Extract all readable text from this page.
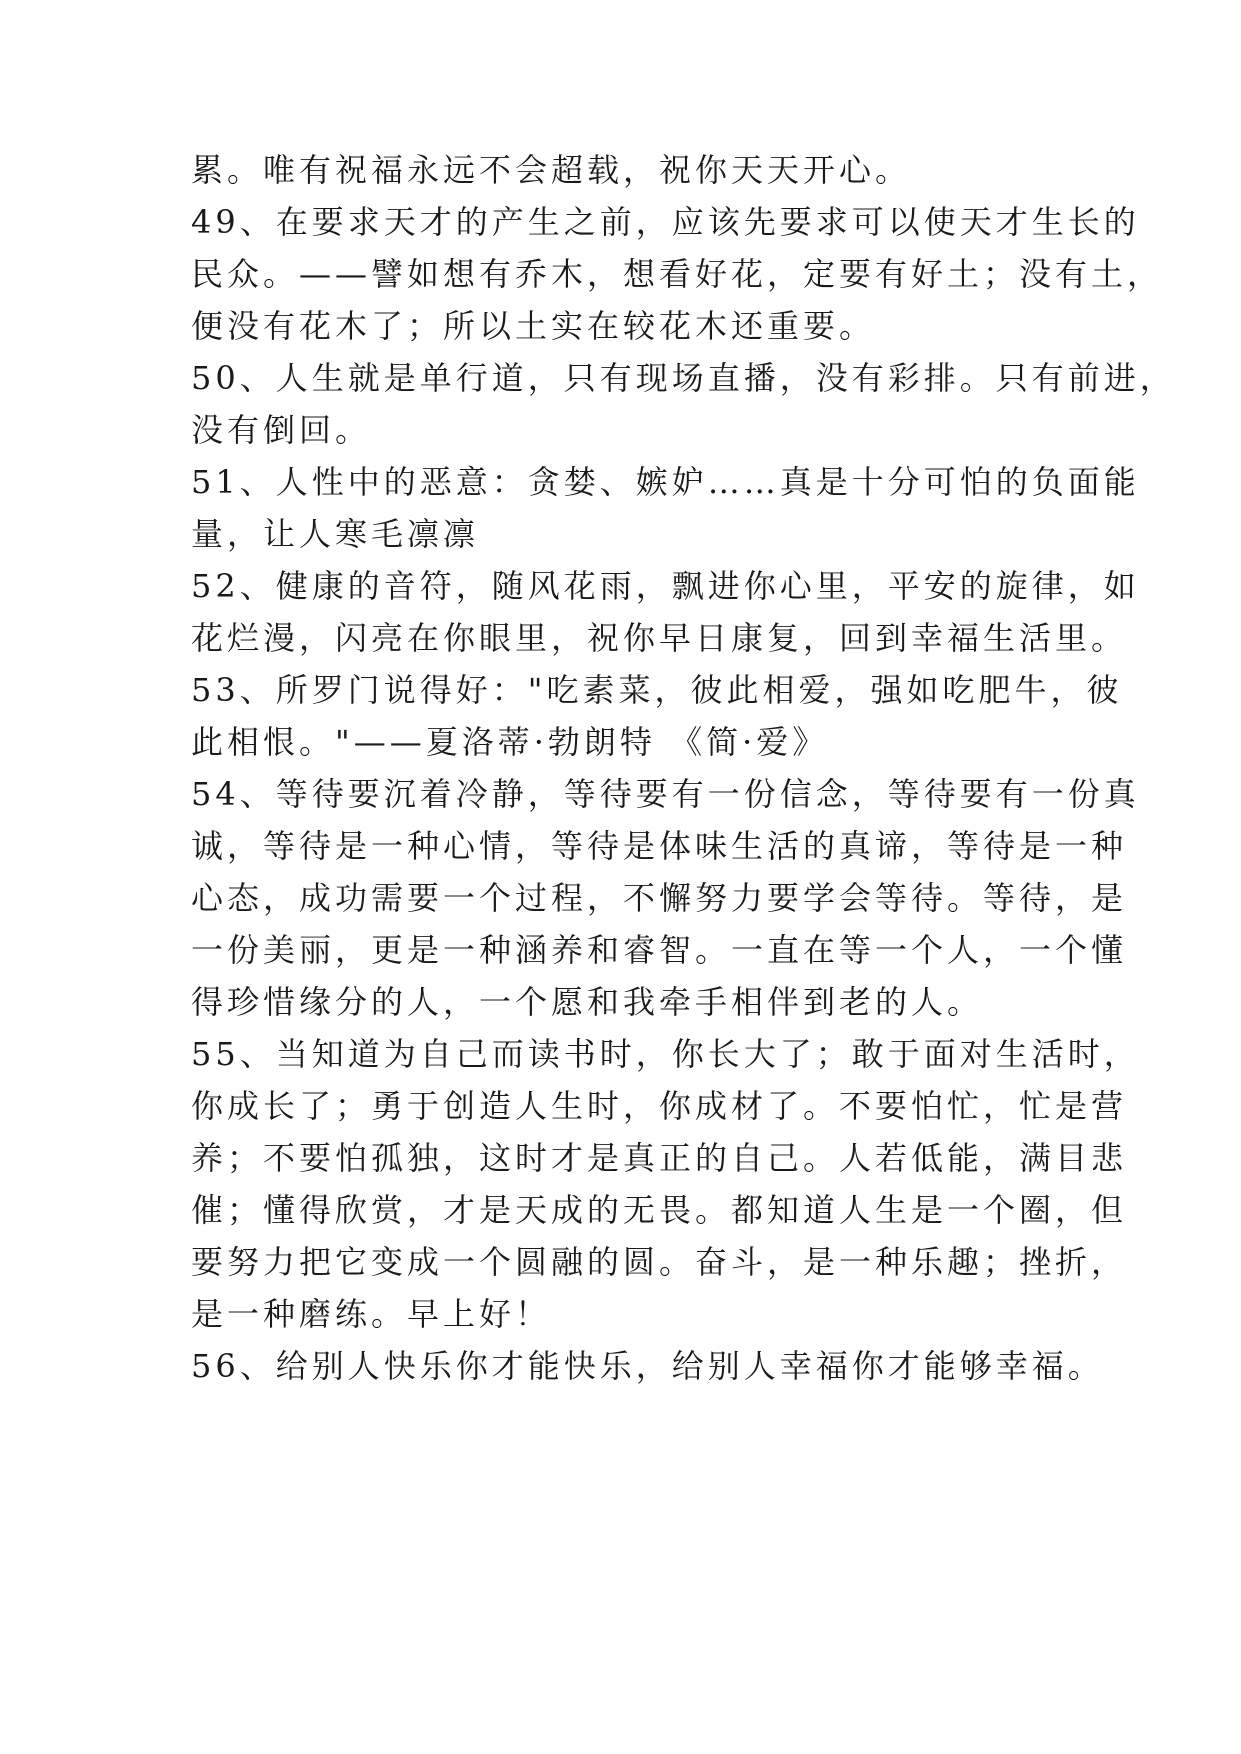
累。唯有祝福永远不会超载，祝你天天开心。
49、在要求天才的产生之前，应该先要求可以使天才生长的
民众。——譬如想有乔木，想看好花，定要有好土；没有土，
便没有花木了；所以土实在较花木还重要。
50、人生就是单行道，只有现场直播，没有彩排。只有前进，
没有倒回。
51、人性中的恶意：贪婪、嫉妒……真是十分可怕的负面能
量，让人寒毛凛凛
52、健康的音符，随风花雨，飘进你心里，平安的旋律，如
花烂漫，闪亮在你眼里，祝你早日康复，回到幸福生活里。
53、所罗门说得好："吃素菜，彼此相爱，强如吃肥牛，彼
此相恨。"——夏洛蒂·勃朗特 《简·爱》
54、等待要沉着冷静，等待要有一份信念，等待要有一份真
诚，等待是一种心情，等待是体味生活的真谛，等待是一种
心态，成功需要一个过程，不懈努力要学会等待。等待，是
一份美丽，更是一种涵养和睿智。一直在等一个人，一个懂
得珍惜缘分的人，一个愿和我牵手相伴到老的人。
55、当知道为自己而读书时，你长大了；敢于面对生活时，
你成长了；勇于创造人生时，你成材了。不要怕忙，忙是营
养；不要怕孤独，这时才是真正的自己。人若低能，满目悲
催；懂得欣赏，才是天成的无畏。都知道人生是一个圈，但
要努力把它变成一个圆融的圆。奋斗，是一种乐趣；挫折，
是一种磨练。早上好！
56、给别人快乐你才能快乐，给别人幸福你才能够幸福。
